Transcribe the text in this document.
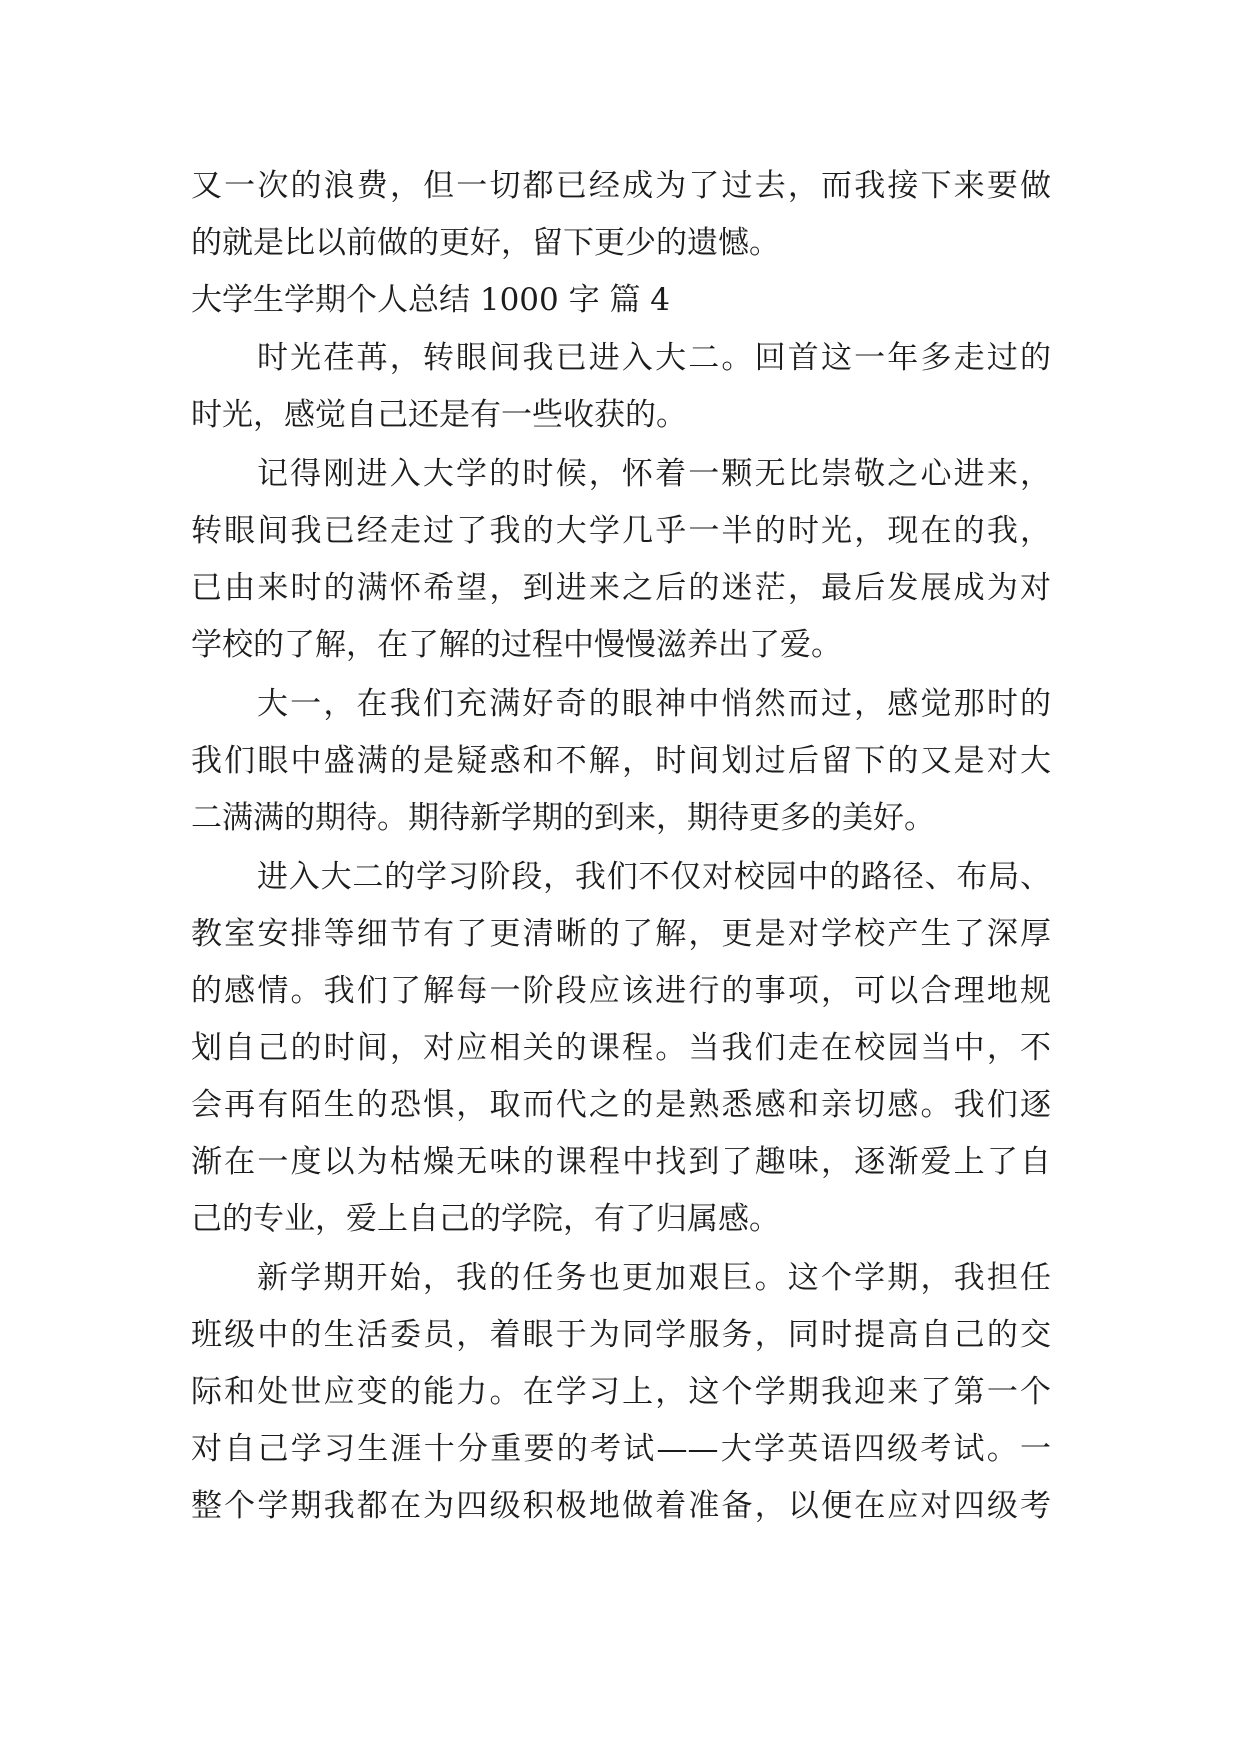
又一次的浪费，但一切都已经成为了过去，而我接下来要做
的就是比以前做的更好，留下更少的遗憾。
大学生学期个人总结 1000 字 篇 4
时光荏苒，转眼间我已进入大二。回首这一年多走过的
时光，感觉自己还是有一些收获的。
记得刚进入大学的时候，怀着一颗无比崇敬之心进来，
转眼间我已经走过了我的大学几乎一半的时光，现在的我，
已由来时的满怀希望，到进来之后的迷茫，最后发展成为对
学校的了解，在了解的过程中慢慢滋养出了爱。
大一，在我们充满好奇的眼神中悄然而过，感觉那时的
我们眼中盛满的是疑惑和不解，时间划过后留下的又是对大
二满满的期待。期待新学期的到来，期待更多的美好。
进入大二的学习阶段，我们不仅对校园中的路径、布局、
教室安排等细节有了更清晰的了解，更是对学校产生了深厚
的感情。我们了解每一阶段应该进行的事项，可以合理地规
划自己的时间，对应相关的课程。当我们走在校园当中，不
会再有陌生的恐惧，取而代之的是熟悉感和亲切感。我们逐
渐在一度以为枯燥无味的课程中找到了趣味，逐渐爱上了自
己的专业，爱上自己的学院，有了归属感。
新学期开始，我的任务也更加艰巨。这个学期，我担任
班级中的生活委员，着眼于为同学服务，同时提高自己的交
际和处世应变的能力。在学习上，这个学期我迎来了第一个
对自己学习生涯十分重要的考试——大学英语四级考试。一
整个学期我都在为四级积极地做着准备，以便在应对四级考
